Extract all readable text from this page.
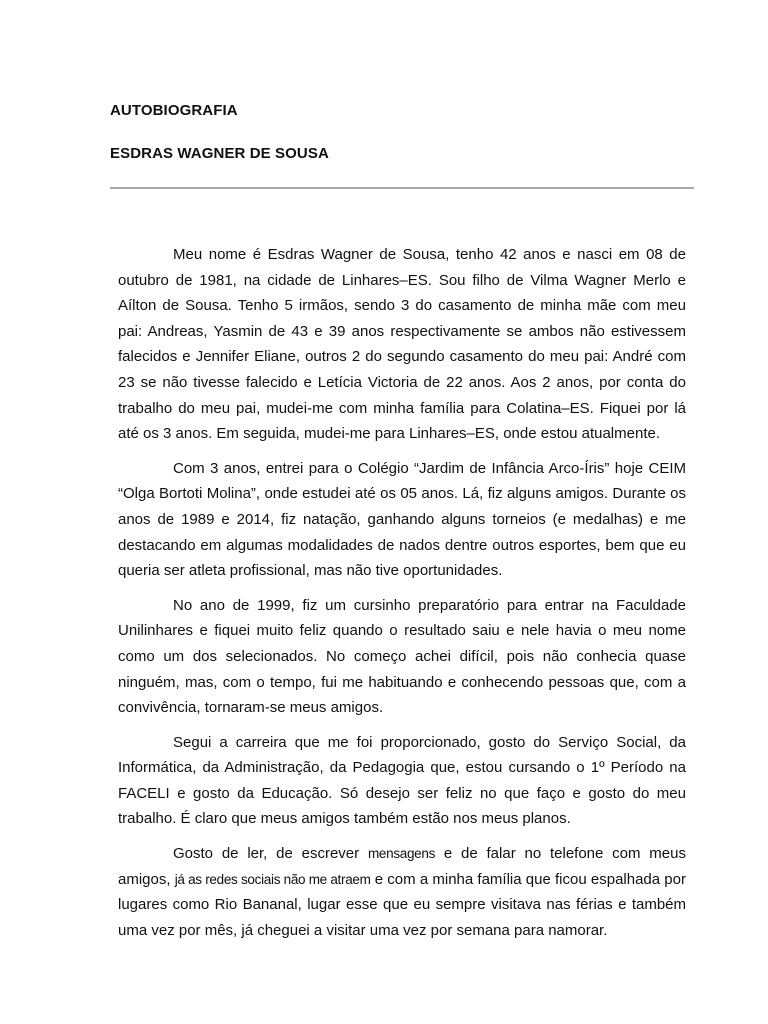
AUTOBIOGRAFIA
ESDRAS WAGNER DE SOUSA

Meu nome é Esdras Wagner de Sousa, tenho 42 anos e nasci em 08 de outubro de 1981, na cidade de Linhares–ES. Sou filho de Vilma Wagner Merlo e Aílton de Sousa. Tenho 5 irmãos, sendo 3 do casamento de minha mãe com meu pai: Andreas, Yasmin de 43 e 39 anos respectivamente se ambos não estivessem falecidos e Jennifer Eliane, outros 2 do segundo casamento do meu pai: André com 23 se não tivesse falecido e Letícia Victoria de 22 anos. Aos 2 anos, por conta do trabalho do meu pai, mudei-me com minha família para Colatina–ES. Fiquei por lá até os 3 anos. Em seguida, mudei-me para Linhares–ES, onde estou atualmente.

Com 3 anos, entrei para o Colégio “Jardim de Infância Arco-Íris” hoje CEIM “Olga Bortoti Molina”, onde estudei até os 05 anos. Lá, fiz alguns amigos. Durante os anos de 1989 e 2014, fiz natação, ganhando alguns torneios (e medalhas) e me destacando em algumas modalidades de nados dentre outros esportes, bem que eu queria ser atleta profissional, mas não tive oportunidades.

No ano de 1999, fiz um cursinho preparatório para entrar na Faculdade Unilinhares e fiquei muito feliz quando o resultado saiu e nele havia o meu nome como um dos selecionados. No começo achei difícil, pois não conhecia quase ninguém, mas, com o tempo, fui me habituando e conhecendo pessoas que, com a convivência, tornaram-se meus amigos.

Segui a carreira que me foi proporcionado, gosto do Serviço Social, da Informática, da Administração, da Pedagogia que, estou cursando o 1º Período na FACELI e gosto da Educação. Só desejo ser feliz no que faço e gosto do meu trabalho. É claro que meus amigos também estão nos meus planos.

Gosto de ler, de escrever mensagens e de falar no telefone com meus amigos, já as redes sociais não me atraem e com a minha família que ficou espalhada por lugares como Rio Bananal, lugar esse que eu sempre visitava nas férias e também uma vez por mês, já cheguei a visitar uma vez por semana para namorar.
